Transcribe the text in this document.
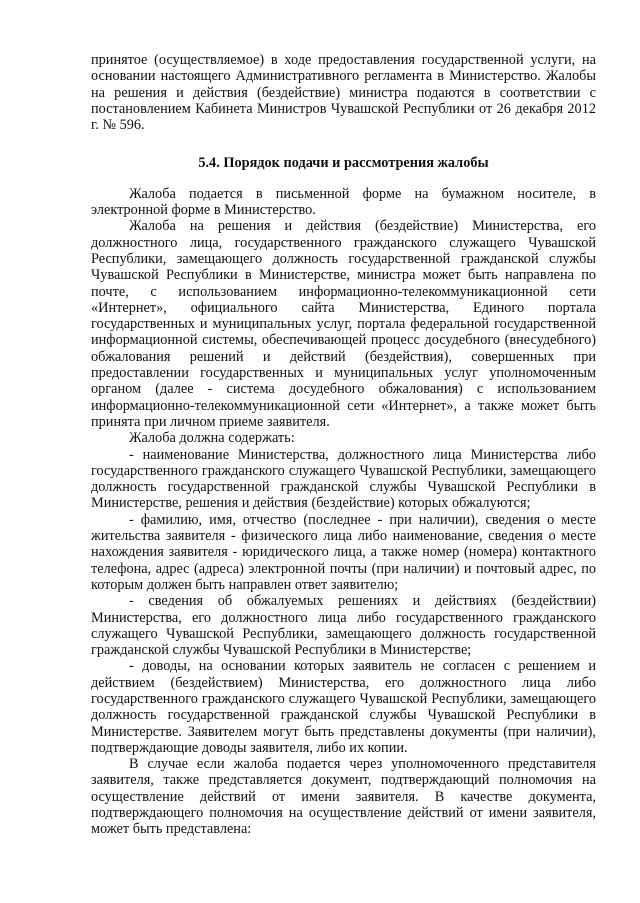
принятое (осуществляемое) в ходе предоставления государственной услуги, на основании настоящего Административного регламента в Министерство. Жалобы на решения и действия (бездействие) министра подаются в соответствии с постановлением Кабинета Министров Чувашской Республики от 26 декабря 2012 г. № 596.

5.4. Порядок подачи и рассмотрения жалобы

Жалоба подается в письменной форме на бумажном носителе, в электронной форме в Министерство.

Жалоба на решения и действия (бездействие) Министерства, его должностного лица, государственного гражданского служащего Чувашской Республики, замещающего должность государственной гражданской службы Чувашской Республики в Министерстве, министра может быть направлена по почте, с использованием информационно-телекоммуникационной сети «Интернет», официального сайта Министерства, Единого портала государственных и муниципальных услуг, портала федеральной государственной информационной системы, обеспечивающей процесс досудебного (внесудебного) обжалования решений и действий (бездействия), совершенных при предоставлении государственных и муниципальных услуг уполномоченным органом (далее - система досудебного обжалования) с использованием информационно-телекоммуникационной сети «Интернет», а также может быть принята при личном приеме заявителя.

Жалоба должна содержать:

- наименование Министерства, должностного лица Министерства либо государственного гражданского служащего Чувашской Республики, замещающего должность государственной гражданской службы Чувашской Республики в Министерстве, решения и действия (бездействие) которых обжалуются;

- фамилию, имя, отчество (последнее - при наличии), сведения о месте жительства заявителя - физического лица либо наименование, сведения о месте нахождения заявителя - юридического лица, а также номер (номера) контактного телефона, адрес (адреса) электронной почты (при наличии) и почтовый адрес, по которым должен быть направлен ответ заявителю;

- сведения об обжалуемых решениях и действиях (бездействии) Министерства, его должностного лица либо государственного гражданского служащего Чувашской Республики, замещающего должность государственной гражданской службы Чувашской Республики в Министерстве;

- доводы, на основании которых заявитель не согласен с решением и действием (бездействием) Министерства, его должностного лица либо государственного гражданского служащего Чувашской Республики, замещающего должность государственной гражданской службы Чувашской Республики в Министерстве. Заявителем могут быть представлены документы (при наличии), подтверждающие доводы заявителя, либо их копии.

В случае если жалоба подается через уполномоченного представителя заявителя, также представляется документ, подтверждающий полномочия на осуществление действий от имени заявителя. В качестве документа, подтверждающего полномочия на осуществление действий от имени заявителя, может быть представлена:
